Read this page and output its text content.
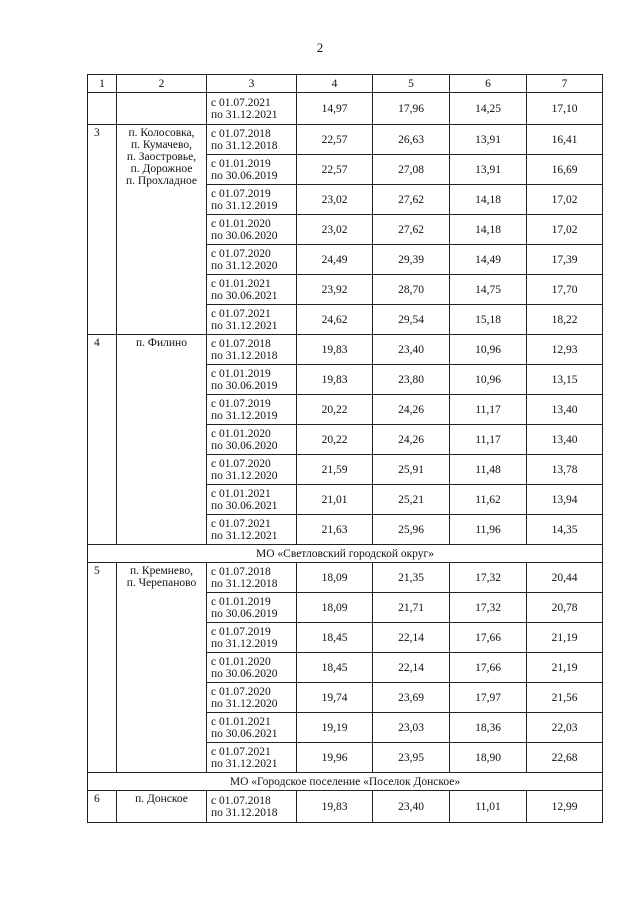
2
1	2	3	4	5	6	7

		с 01.07.2021
по 31.12.2021	14,97	17,96	14,25	17,10
3	п. Колосовка,
п. Кумачево,
п. Заостровье,
п. Дорожное
п. Прохладное	с 01.07.2018
по 31.12.2018	22,57	26,63	13,91	16,41

		с 01.01.2019
по 30.06.2019	22,57	27,08	13,91	16,69

		с 01.07.2019
по 31.12.2019	23,02	27,62	14,18	17,02

		с 01.01.2020
по 30.06.2020	23,02	27,62	14,18	17,02

		с 01.07.2020
по 31.12.2020	24,49	29,39	14,49	17,39

		с 01.01.2021
по 30.06.2021	23,92	28,70	14,75	17,70

		с 01.07.2021
по 31.12.2021	24,62	29,54	15,18	18,22
4	п. Филино	с 01.07.2018
по 31.12.2018	19,83	23,40	10,96	12,93

		с 01.01.2019
по 30.06.2019	19,83	23,80	10,96	13,15

		с 01.07.2019
по 31.12.2019	20,22	24,26	11,17	13,40

		с 01.01.2020
по 30.06.2020	20,22	24,26	11,17	13,40

		с 01.07.2020
по 31.12.2020	21,59	25,91	11,48	13,78

		с 01.01.2021
по 30.06.2021	21,01	25,21	11,62	13,94

		с 01.07.2021
по 31.12.2021	21,63	25,96	11,96	14,35
МО «Светловский городской округ»						
5	п. Кремнево,
п. Черепаново	с 01.07.2018
по 31.12.2018	18,09	21,35	17,32	20,44

		с 01.01.2019
по 30.06.2019	18,09	21,71	17,32	20,78

		с 01.07.2019
по 31.12.2019	18,45	22,14	17,66	21,19

		с 01.01.2020
по 30.06.2020	18,45	22,14	17,66	21,19

		с 01.07.2020
по 31.12.2020	19,74	23,69	17,97	21,56

		с 01.01.2021
по 30.06.2021	19,19	23,03	18,36	22,03

		с 01.07.2021
по 31.12.2021	19,96	23,95	18,90	22,68
МО «Городское поселение «Поселок Донское»						
6	п. Донское	с 01.07.2018
по 31.12.2018	19,83	23,40	11,01	12,99
